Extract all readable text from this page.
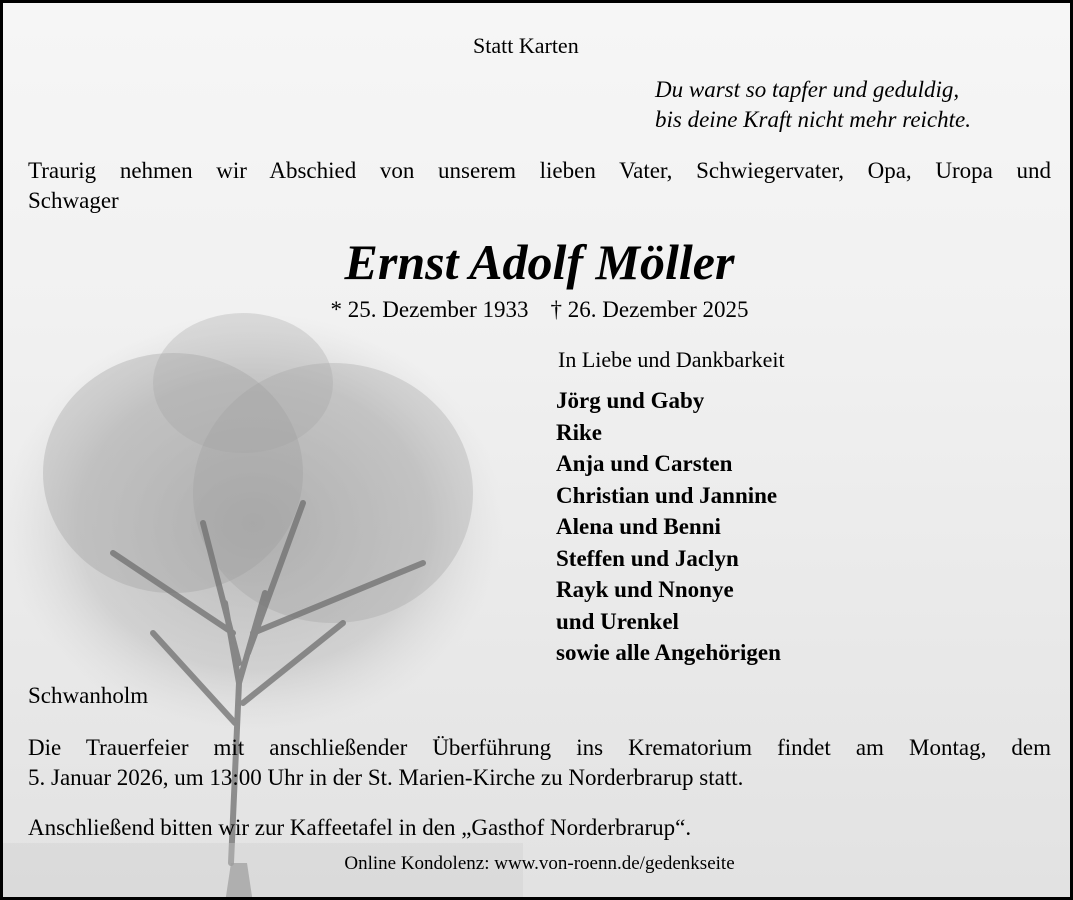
Statt Karten
Du warst so tapfer und geduldig,
bis deine Kraft nicht mehr reichte.
Traurig nehmen wir Abschied von unserem lieben Vater, Schwiegervater, Opa, Uropa und
Schwager
Ernst Adolf Möller
* 25. Dezember 1933 † 26. Dezember 2025
In Liebe und Dankbarkeit
Jörg und Gaby
Rike
Anja und Carsten
Christian und Jannine
Alena und Benni
Steffen und Jaclyn
Rayk und Nnonye
und Urenkel
sowie alle Angehörigen
Schwanholm
Die Trauerfeier mit anschließender Überführung ins Krematorium findet am Montag, dem
5. Januar 2026, um 13:00 Uhr in der St. Marien-Kirche zu Norderbrarup statt.
Anschließend bitten wir zur Kaffeetafel in den „Gasthof Norderbrarup“.
Online Kondolenz: www.von-roenn.de/gedenkseite
